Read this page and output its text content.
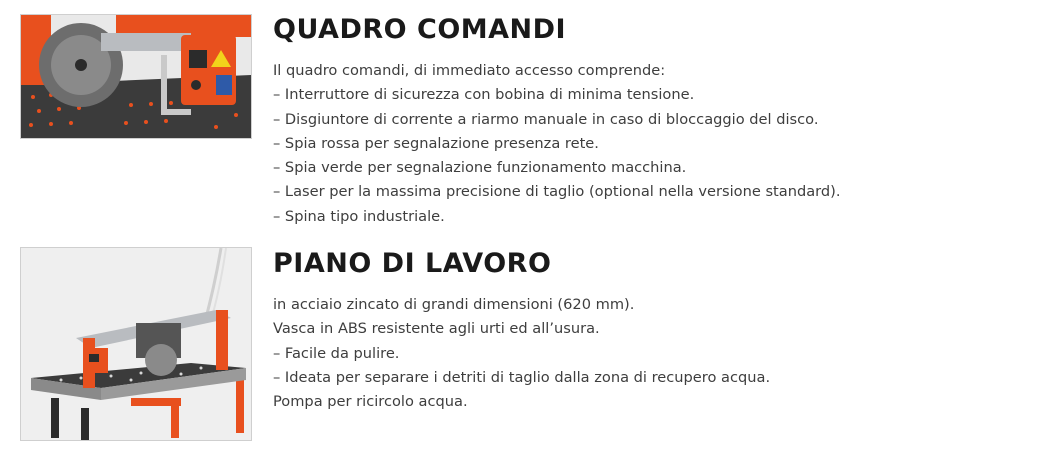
QUADRO COMANDI
Il quadro comandi, di immediato accesso comprende:
– Interruttore di sicurezza con bobina di minima tensione.
– Disgiuntore di corrente a riarmo manuale in caso di bloccaggio del disco.
– Spia rossa per segnalazione presenza rete.
– Spia verde per segnalazione funzionamento macchina.
– Laser per la massima precisione di taglio (optional nella versione standard).
– Spina tipo industriale.
PIANO DI LAVORO
in acciaio zincato di grandi dimensioni (620 mm).
Vasca in ABS resistente agli urti ed all’usura.
– Facile da pulire.
– Ideata per separare i detriti di taglio dalla zona di recupero acqua.
Pompa per ricircolo acqua.
